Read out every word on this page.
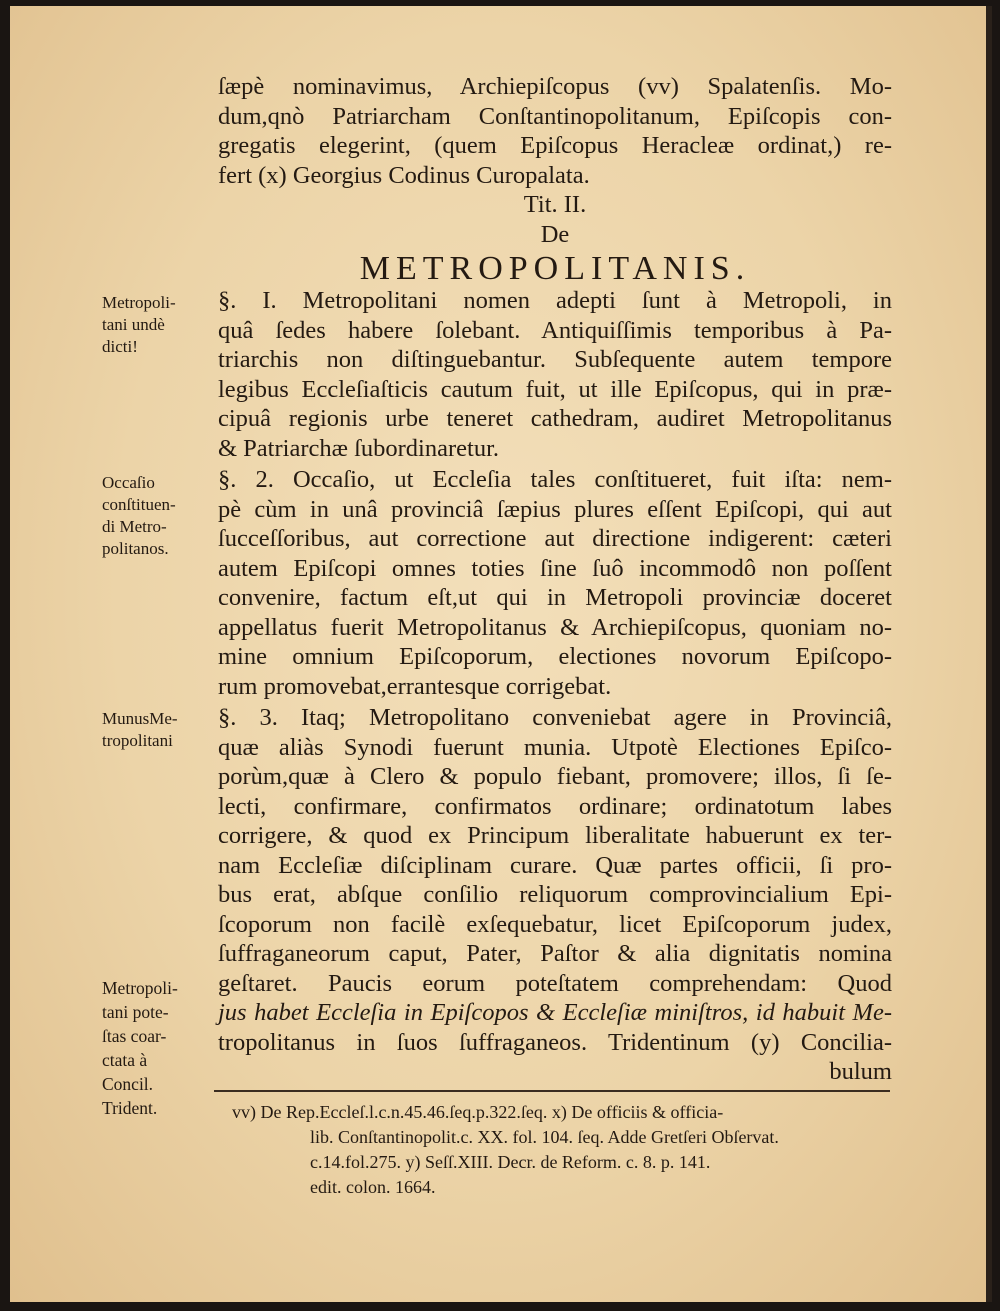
ſæpè nominavimus, Archiepiſcopus (vv) Spalatenſis. Mo-
dum,qnò Patriarcham Conſtantinopolitanum, Epiſcopis con-
gregatis elegerint, (quem Epiſcopus Heracleæ ordinat,) re-
fert (x) Georgius Codinus Curopalata.
Tit. II.
De
METROPOLITANIS.
§. I. Metropolitani nomen adepti ſunt à Metropoli, in
quâ ſedes habere ſolebant. Antiquiſſimis temporibus à Pa-
triarchis non diſtinguebantur. Subſequente autem tempore
legibus Eccleſiaſticis cautum fuit, ut ille Epiſcopus, qui in præ-
cipuâ regionis urbe teneret cathedram, audiret Metropolitanus
& Patriarchæ ſubordinaretur.
Metropoli-
tani undè
dicti!
§. 2. Occaſio, ut Eccleſia tales conſtitueret, fuit iſta: nem-
pè cùm in unâ provinciâ ſæpius plures eſſent Epiſcopi, qui aut
ſucceſſoribus, aut correctione aut directione indigerent: cæteri
autem Epiſcopi omnes toties ſine ſuô incommodô non poſſent
convenire, factum eſt,ut qui in Metropoli provinciæ doceret
appellatus fuerit Metropolitanus & Archiepiſcopus, quoniam no-
mine omnium Epiſcoporum, electiones novorum Epiſcopo-
rum promovebat,errantesque corrigebat.
Occaſio
conſtituen-
di Metro-
politanos.
§. 3. Itaq; Metropolitano conveniebat agere in Provinciâ,
quæ aliàs Synodi fuerunt munia. Utpotè Electiones Epiſco-
porùm,quæ à Clero & populo fiebant, promovere; illos, ſi ſe-
lecti, confirmare, confirmatos ordinare; ordinatotum labes
corrigere, & quod ex Principum liberalitate habuerunt ex ter-
nam Eccleſiæ diſciplinam curare. Quæ partes officii, ſi pro-
bus erat, abſque conſilio reliquorum comprovincialium Epi-
ſcoporum non facilè exſequebatur, licet Epiſcoporum judex,
ſuffraganeorum caput, Pater, Paſtor & alia dignitatis nomina
geſtaret. Paucis eorum poteſtatem comprehendam: Quod
jus habet Eccleſia in Epiſcopos & Eccleſiæ miniſtros, id habuit Me-
tropolitanus in ſuos ſuffraganeos. Tridentinum (y) Concilia-
bulum
MunusMe-
tropolitani
Metropoli-
tani pote-
ſtas coar-
ctata à
Concil.
Trident.	vv) De Rep.Eccleſ.l.c.n.45.46.ſeq.p.322.ſeq. x) De officiis & officia-
lib. Conſtantinopolit.c. XX. fol. 104. ſeq. Adde Gretſeri Obſervat.
c.14.fol.275. y) Seſſ.XIII. Decr. de Reform. c. 8. p. 141.
edit. colon. 1664.
